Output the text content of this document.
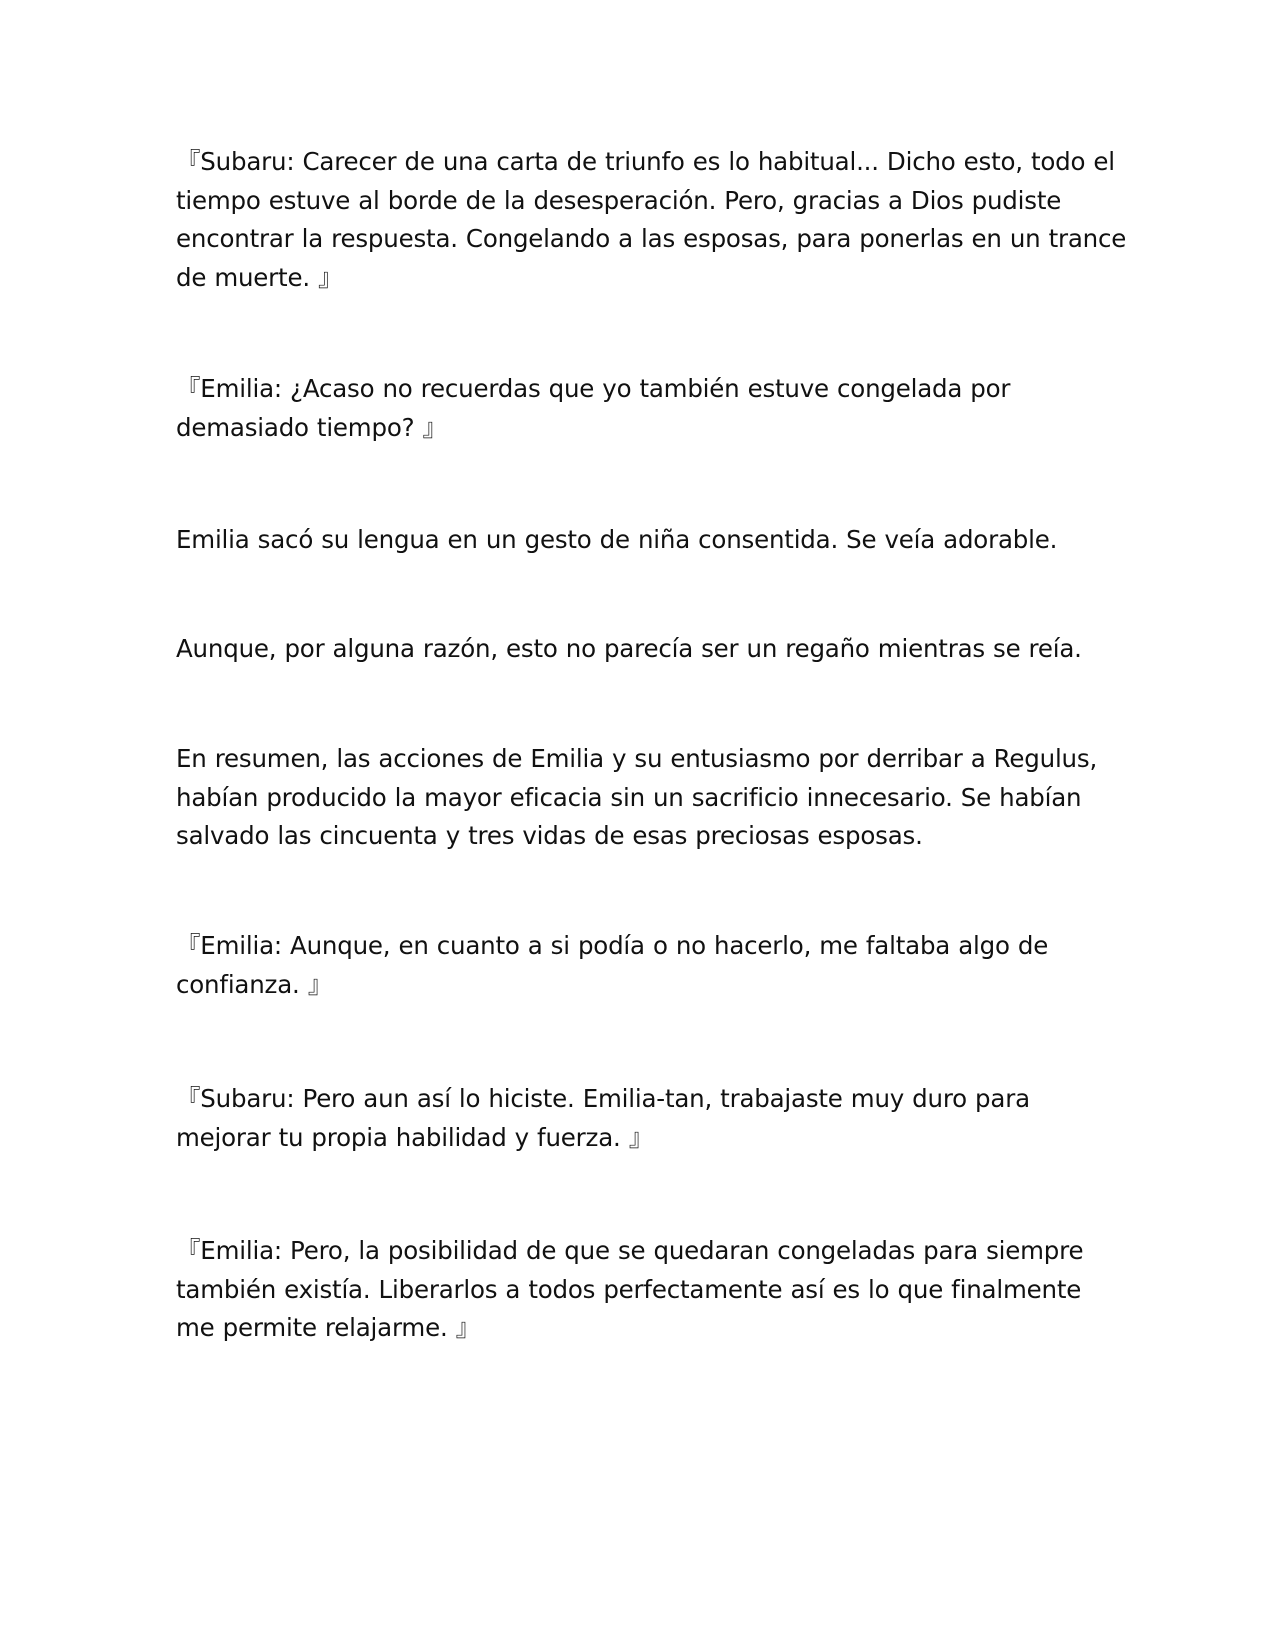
『Subaru: Carecer de una carta de triunfo es lo habitual... Dicho esto, todo el
tiempo estuve al borde de la desesperación. Pero, gracias a Dios pudiste
encontrar la respuesta. Congelando a las esposas, para ponerlas en un trance
de muerte. 』

『Emilia: ¿Acaso no recuerdas que yo también estuve congelada por
demasiado tiempo? 』

Emilia sacó su lengua en un gesto de niña consentida. Se veía adorable.

Aunque, por alguna razón, esto no parecía ser un regaño mientras se reía.

En resumen, las acciones de Emilia y su entusiasmo por derribar a Regulus,
habían producido la mayor eficacia sin un sacrificio innecesario. Se habían
salvado las cincuenta y tres vidas de esas preciosas esposas.

『Emilia: Aunque, en cuanto a si podía o no hacerlo, me faltaba algo de
confianza. 』

『Subaru: Pero aun así lo hiciste. Emilia-tan, trabajaste muy duro para
mejorar tu propia habilidad y fuerza. 』

『Emilia: Pero, la posibilidad de que se quedaran congeladas para siempre
también existía. Liberarlos a todos perfectamente así es lo que finalmente
me permite relajarme. 』
